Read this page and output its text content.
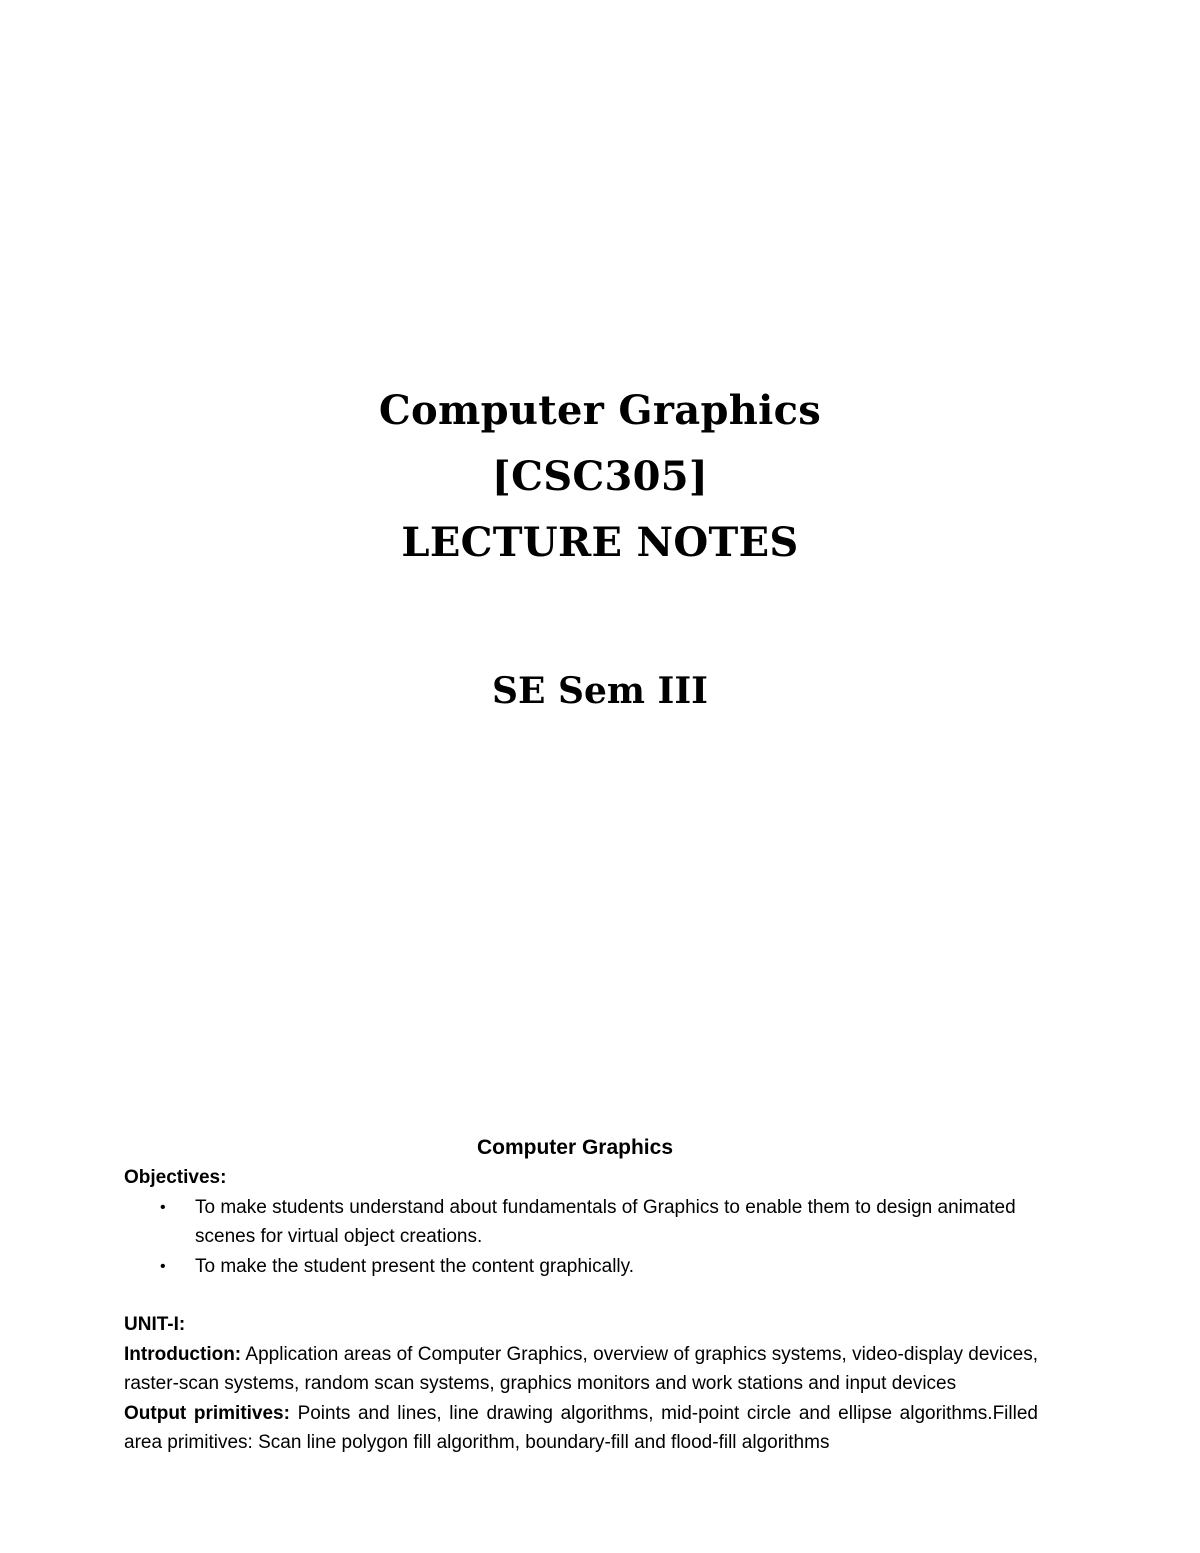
Computer Graphics
[CSC305]
LECTURE NOTES
SE Sem III
Computer Graphics
Objectives:
• To make students understand about fundamentals of Graphics to enable them to design animated scenes for virtual object creations.
• To make the student present the content graphically.
UNIT-I:
Introduction: Application areas of Computer Graphics, overview of graphics systems, video-display devices, raster-scan systems, random scan systems, graphics monitors and work stations and input devices
Output primitives: Points and lines, line drawing algorithms, mid-point circle and ellipse algorithms.Filled area primitives: Scan line polygon fill algorithm, boundary-fill and flood-fill algorithms
